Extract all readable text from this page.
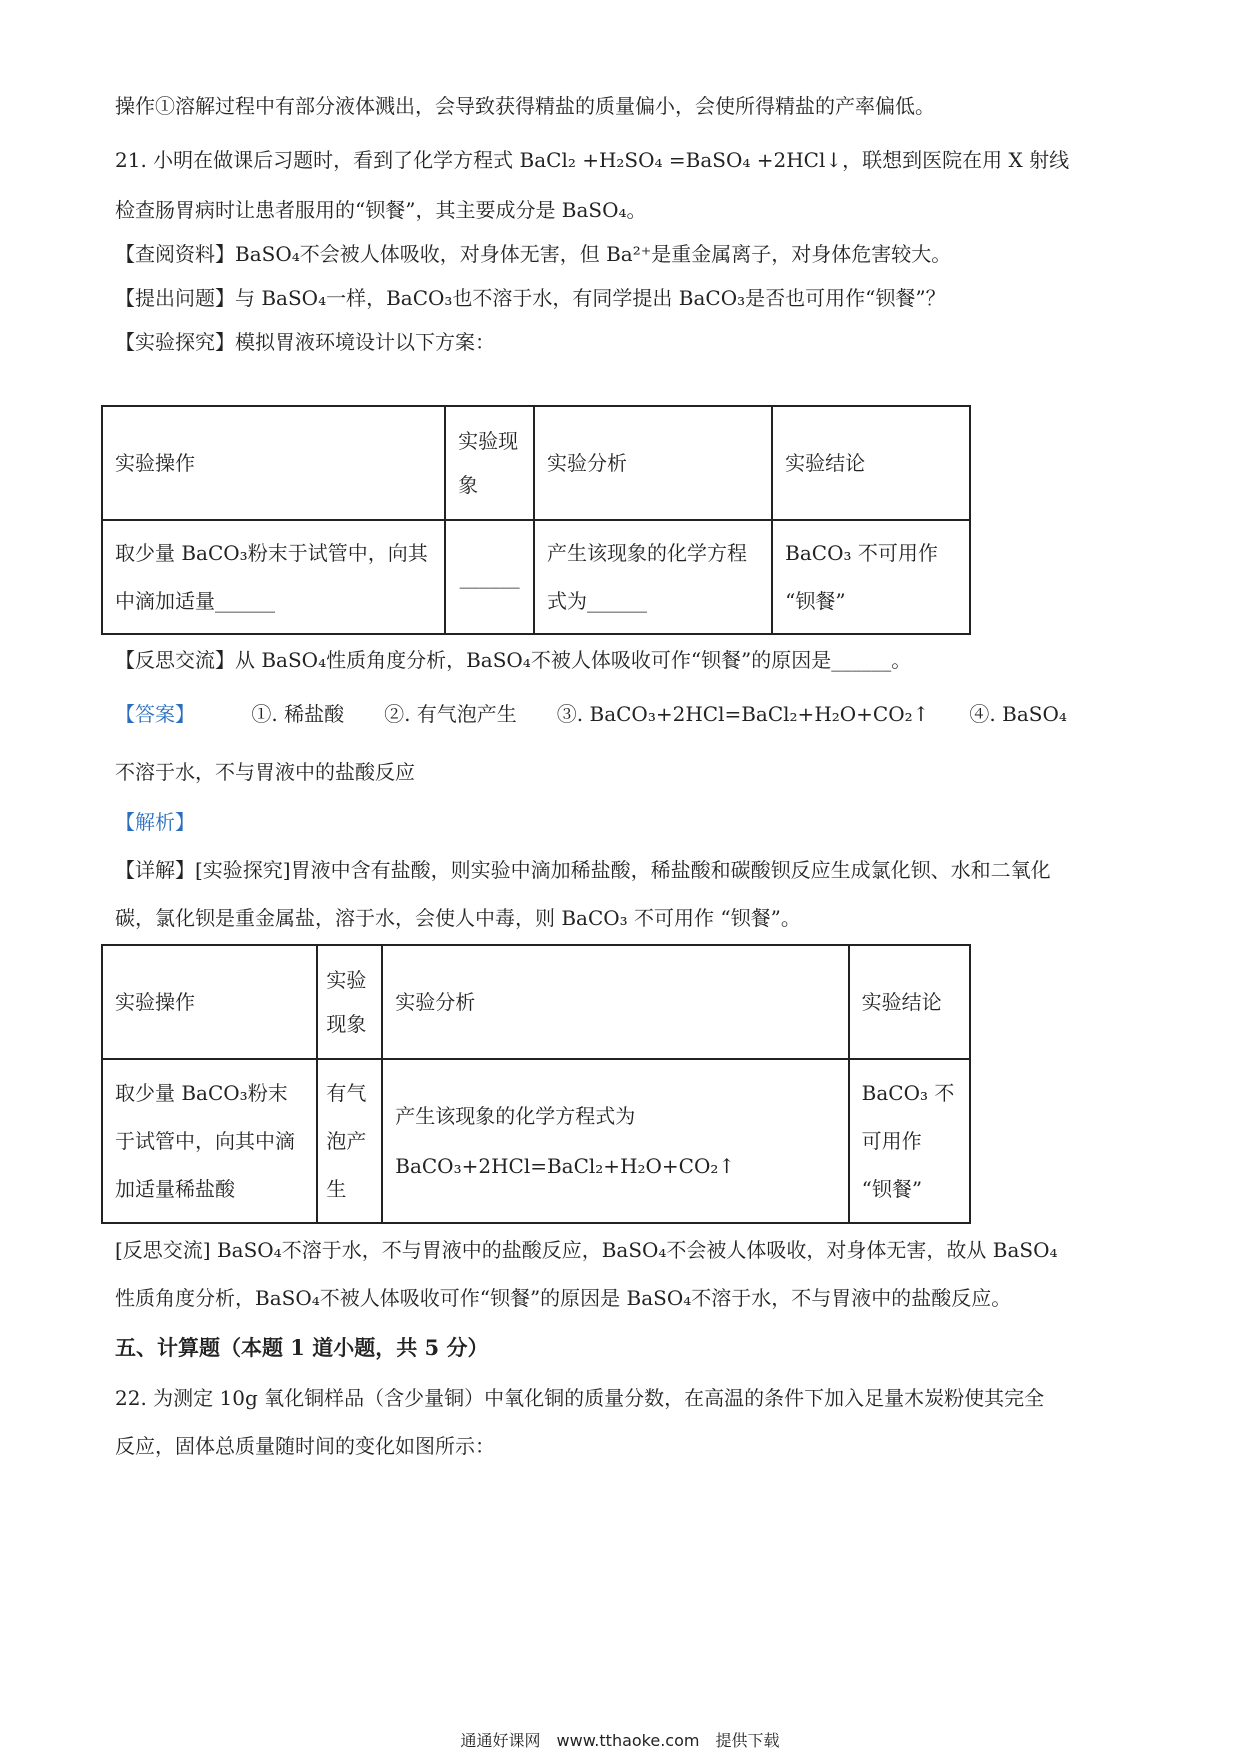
操作①溶解过程中有部分液体溅出，会导致获得精盐的质量偏小，会使所得精盐的产率偏低。
21. 小明在做课后习题时，看到了化学方程式 BaCl₂ +H₂SO₄ =BaSO₄ +2HCl↓，联想到医院在用 X 射线
检查肠胃病时让患者服用的“钡餐”，其主要成分是 BaSO₄。
【查阅资料】BaSO₄不会被人体吸收，对身体无害，但 Ba²⁺是重金属离子，对身体危害较大。
【提出问题】与 BaSO₄一样，BaCO₃也不溶于水，有同学提出 BaCO₃是否也可用作“钡餐”？
【实验探究】模拟胃液环境设计以下方案：
实验操作	实验现象	实验分析	实验结论
取少量 BaCO₃粉末于试管中，向其中滴加适量______	______	产生该现象的化学方程式为______	BaCO₃ 不可用作 “钡餐”
【反思交流】从 BaSO₄性质角度分析，BaSO₄不被人体吸收可作“钡餐”的原因是______。
【答案】	①. 稀盐酸　　②. 有气泡产生　　③. BaCO₃+2HCl=BaCl₂+H₂O+CO₂↑　　④. BaSO₄
不溶于水，不与胃液中的盐酸反应
【解析】
【详解】[实验探究]胃液中含有盐酸，则实验中滴加稀盐酸，稀盐酸和碳酸钡反应生成氯化钡、水和二氧化
碳，氯化钡是重金属盐，溶于水，会使人中毒，则 BaCO₃ 不可用作 “钡餐”。
实验操作	实验现象	实验分析	实验结论
取少量 BaCO₃粉末于试管中，向其中滴加适量稀盐酸	有气泡产生	产生该现象的化学方程式为
BaCO₃+2HCl=BaCl₂+H₂O+CO₂↑	BaCO₃ 不可用作 “钡餐”
[反思交流] BaSO₄不溶于水，不与胃液中的盐酸反应，BaSO₄不会被人体吸收，对身体无害，故从 BaSO₄
性质角度分析，BaSO₄不被人体吸收可作“钡餐”的原因是 BaSO₄不溶于水，不与胃液中的盐酸反应。
五、计算题（本题 1 道小题，共 5 分）
22. 为测定 10g 氧化铜样品（含少量铜）中氧化铜的质量分数，在高温的条件下加入足量木炭粉使其完全
反应，固体总质量随时间的变化如图所示：
通通好课网　www.tthaoke.com　提供下载
